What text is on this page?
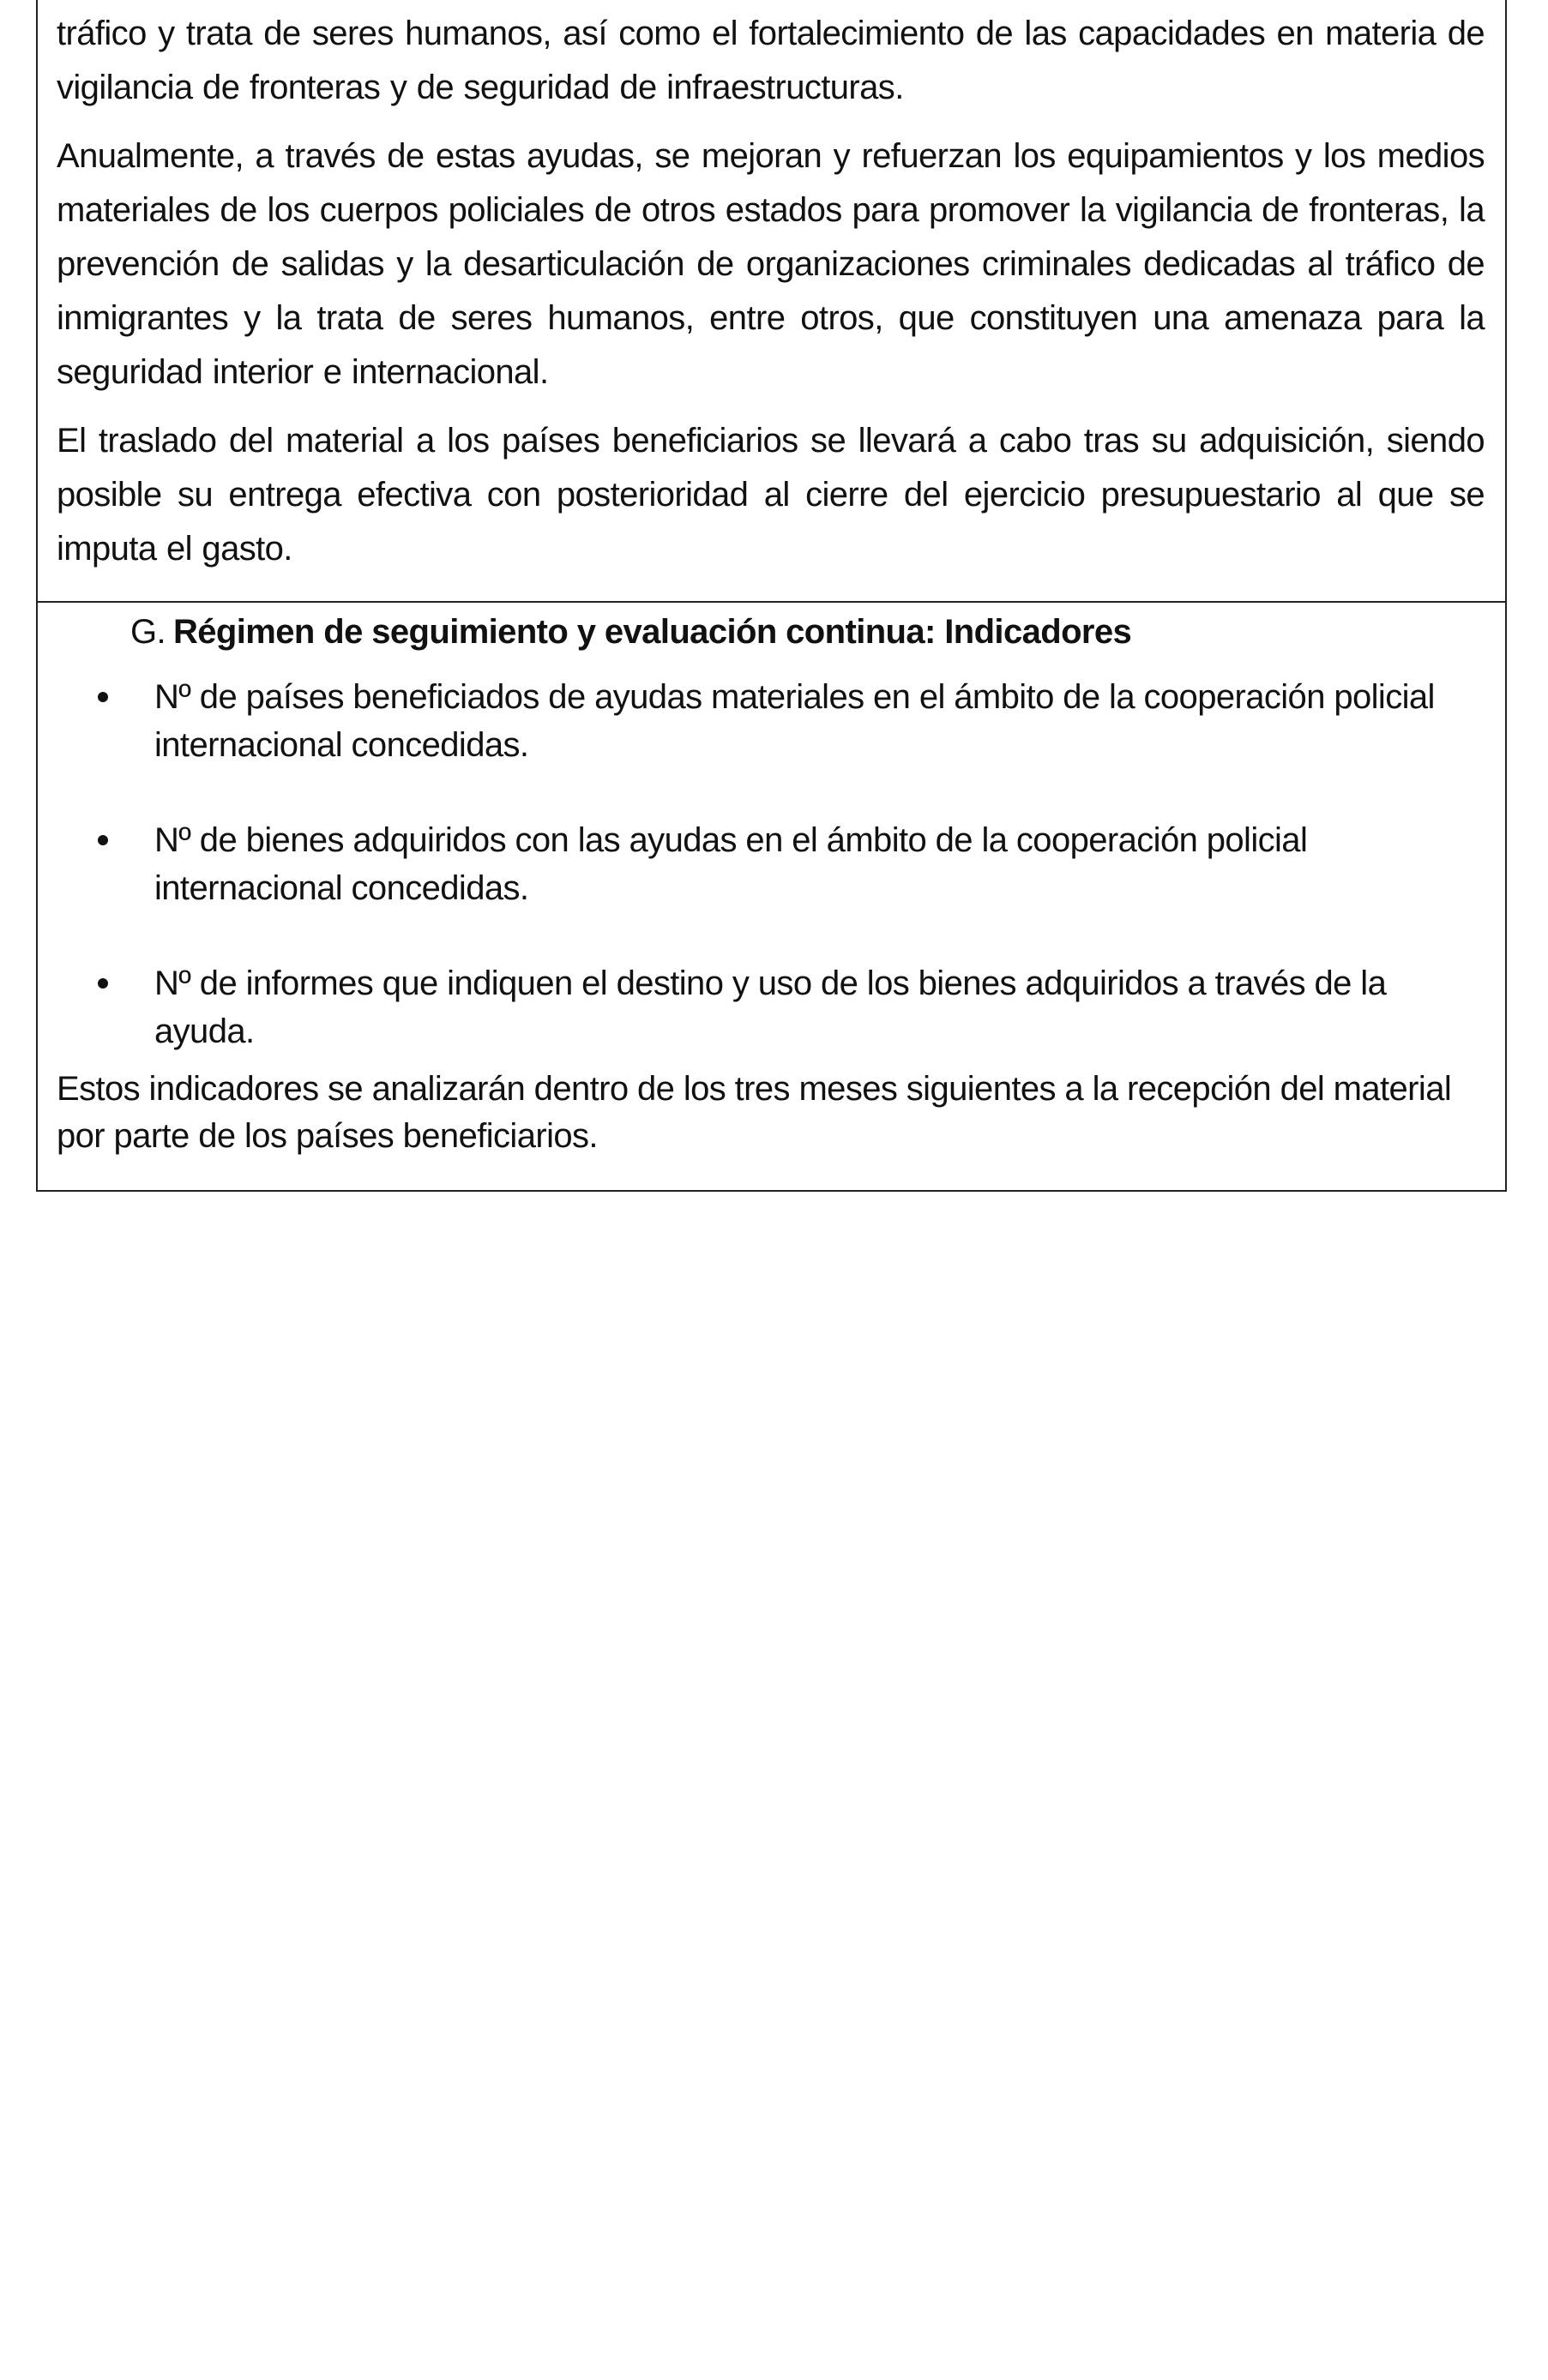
tráfico y trata de seres humanos, así como el fortalecimiento de las capacidades en materia de vigilancia de fronteras y de seguridad de infraestructuras.

Anualmente, a través de estas ayudas, se mejoran y refuerzan los equipamientos y los medios materiales de los cuerpos policiales de otros estados para promover la vigilancia de fronteras, la prevención de salidas y la desarticulación de organizaciones criminales dedicadas al tráfico de inmigrantes y la trata de seres humanos, entre otros, que constituyen una amenaza para la seguridad interior e internacional.

El traslado del material a los países beneficiarios se llevará a cabo tras su adquisición, siendo posible su entrega efectiva con posterioridad al cierre del ejercicio presupuestario al que se imputa el gasto.

G. Régimen de seguimiento y evaluación continua: Indicadores
Nº de países beneficiados de ayudas materiales en el ámbito de la cooperación policial internacional concedidas.
Nº de bienes adquiridos con las ayudas en el ámbito de la cooperación policial internacional concedidas.
Nº de informes que indiquen el destino y uso de los bienes adquiridos a través de la ayuda.

Estos indicadores se analizarán dentro de los tres meses siguientes a la recepción del material por parte de los países beneficiarios.
